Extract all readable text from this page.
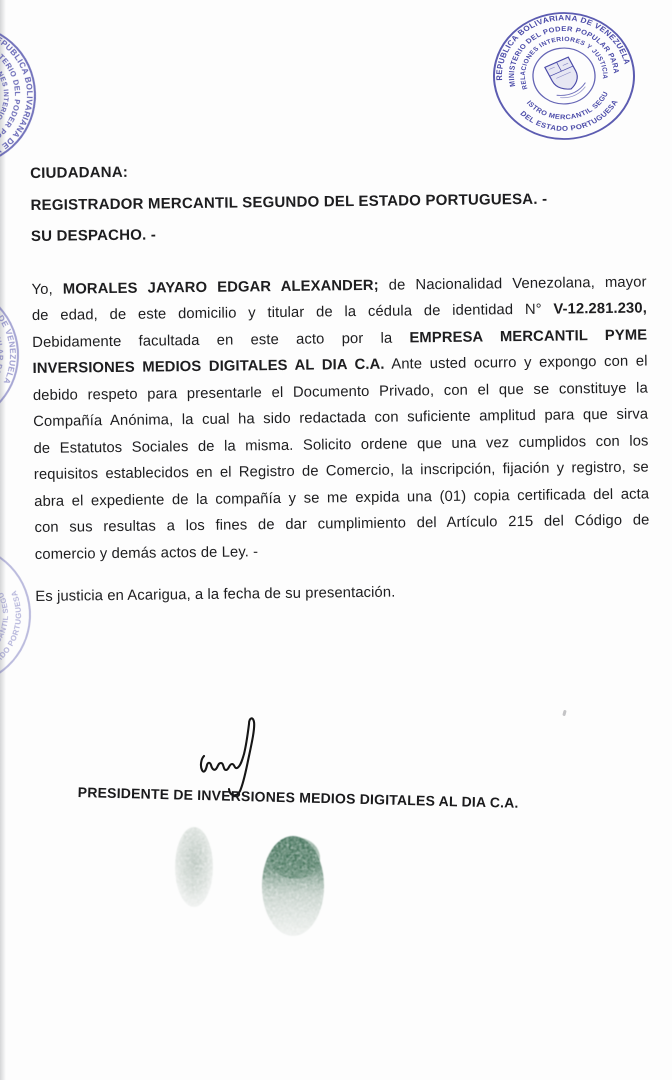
CIUDADANA:
REGISTRADOR MERCANTIL SEGUNDO DEL ESTADO PORTUGUESA. -
SU DESPACHO. -
Yo, MORALES JAYARO EDGAR ALEXANDER; de Nacionalidad Venezolana, mayor
de edad, de este domicilio y titular de la cédula de identidad N° V-12.281.230,
Debidamente facultada en este acto por la EMPRESA MERCANTIL PYME
INVERSIONES MEDIOS DIGITALES AL DIA C.A. Ante usted ocurro y expongo con el
debido respeto para presentarle el Documento Privado, con el que se constituye la
Compañía Anónima, la cual ha sido redactada con suficiente amplitud para que sirva
de Estatutos Sociales de la misma. Solicito ordene que una vez cumplidos con los
requisitos establecidos en el Registro de Comercio, la inscripción, fijación y registro, se
abra el expediente de la compañía y se me expida una (01) copia certificada del acta
con sus resultas a los fines de dar cumplimiento del Artículo 215 del Código de
comercio y demás actos de Ley. -
Es justicia en Acarigua, a la fecha de su presentación.
PRESIDENTE DE INVERSIONES MEDIOS DIGITALES AL DIA C.A.
